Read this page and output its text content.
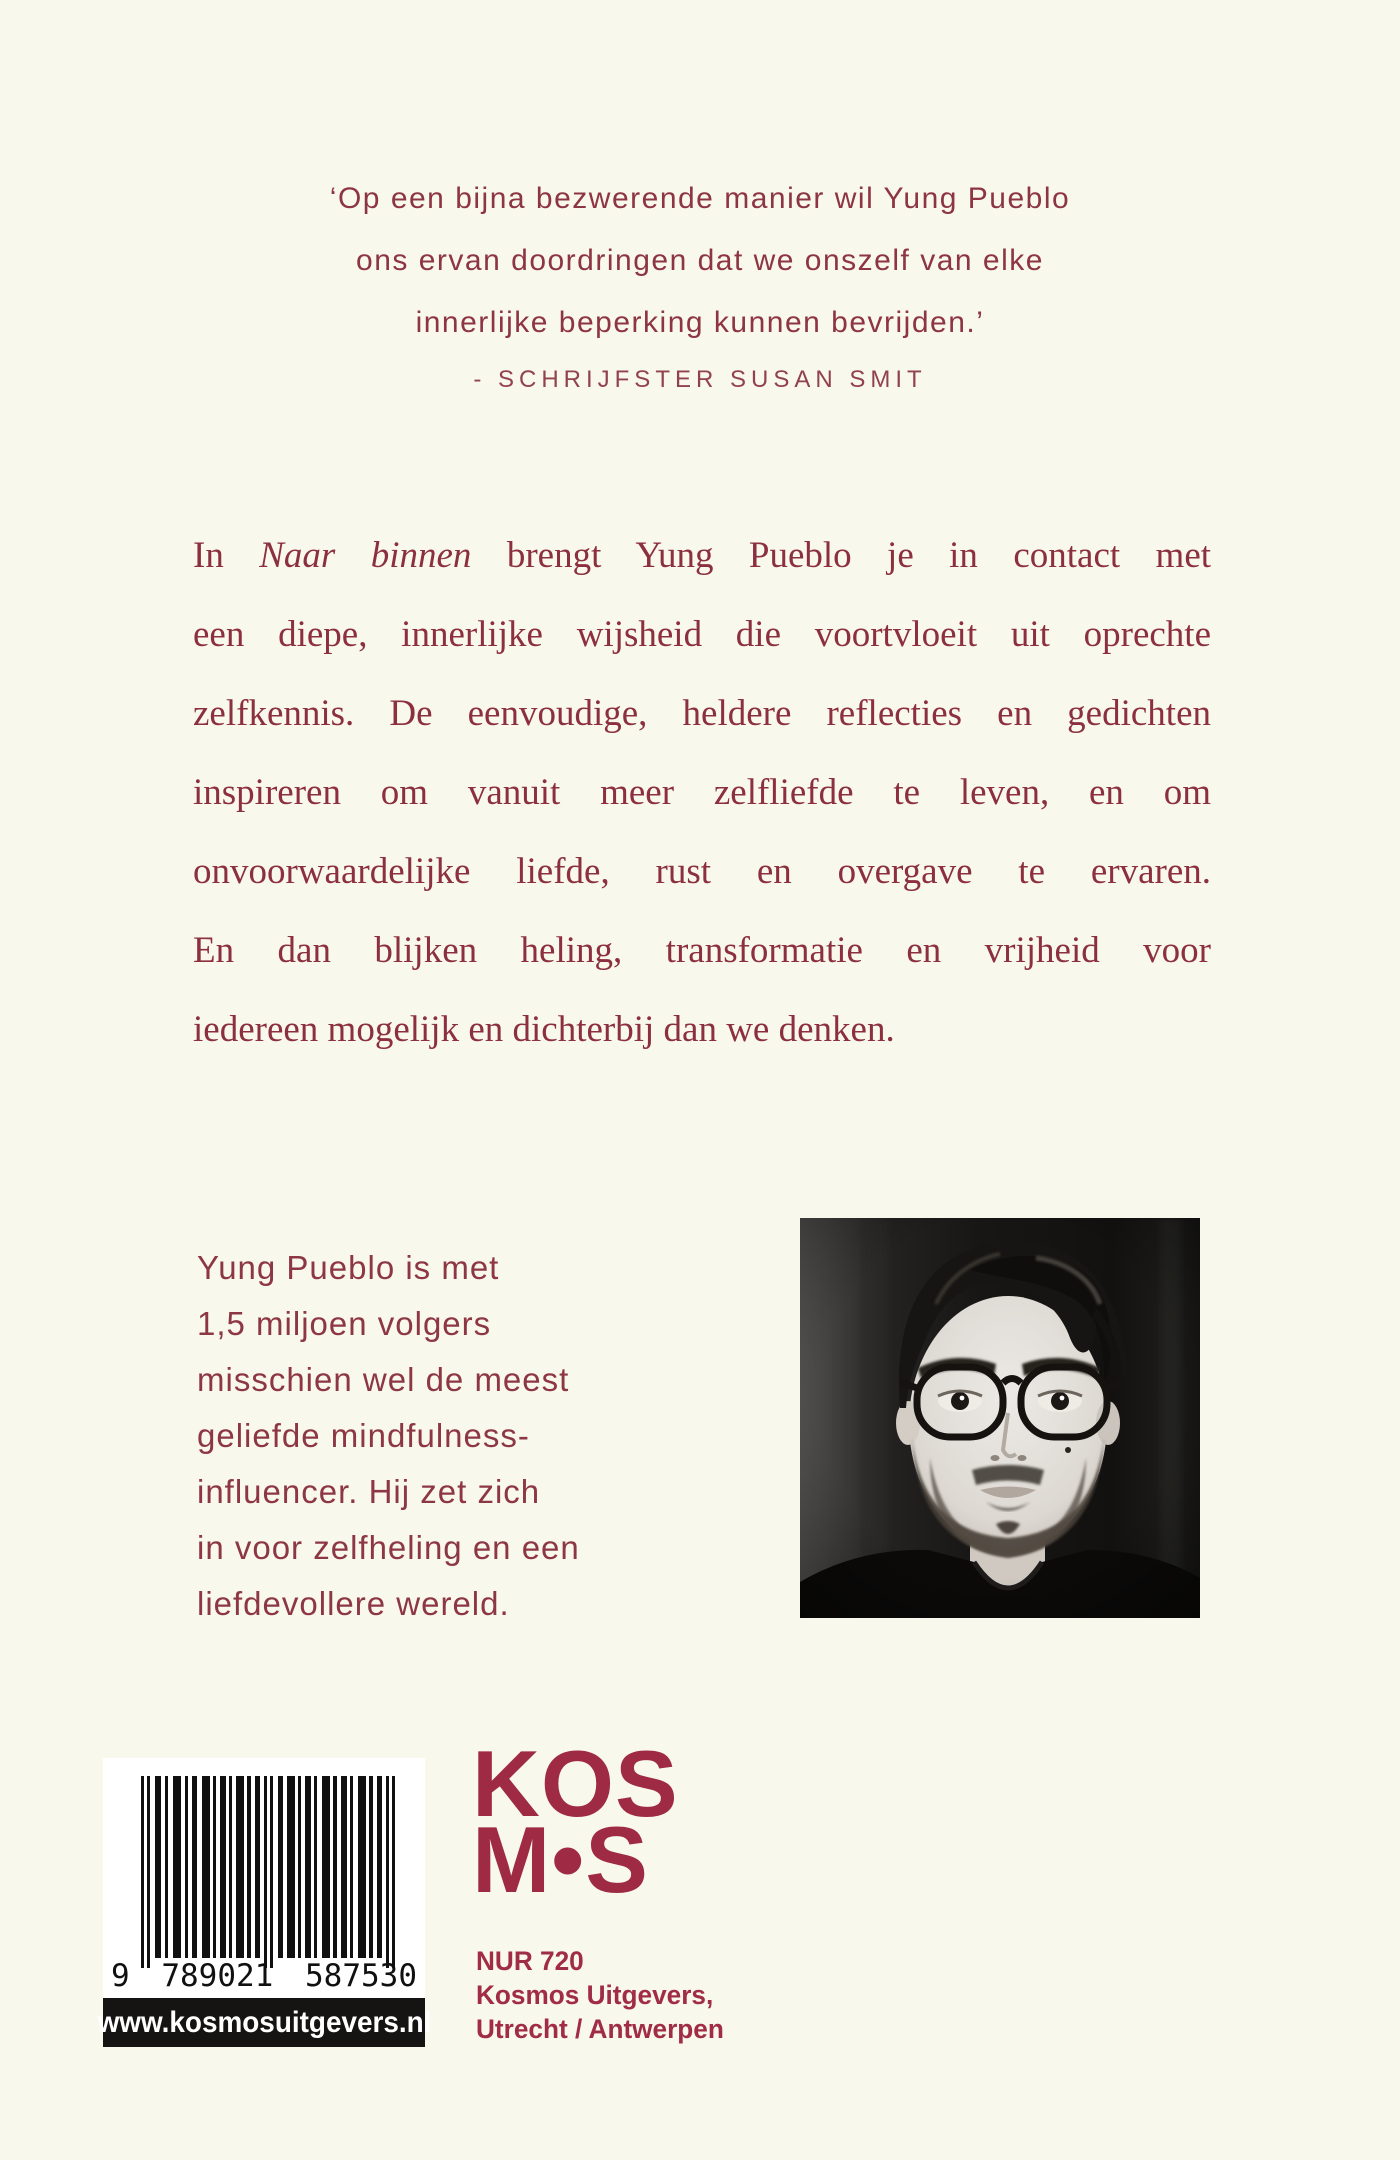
‘Op een bijna bezwerende manier wil Yung Pueblo
ons ervan doordringen dat we onszelf van elke
innerlijke beperking kunnen bevrijden.’
- SCHRIJFSTER SUSAN SMIT
In Naar binnen brengt Yung Pueblo je in contact met
een diepe, innerlijke wijsheid die voortvloeit uit oprechte
zelfkennis. De eenvoudige, heldere reflecties en gedichten
inspireren om vanuit meer zelfliefde te leven, en om
onvoorwaardelijke liefde, rust en overgave te ervaren.
En dan blijken heling, transformatie en vrijheid voor
iedereen mogelijk en dichterbij dan we denken.
Yung Pueblo is met
1,5 miljoen volgers
misschien wel de meest
geliefde mindfulness-
influencer. Hij zet zich
in voor zelfheling en een
liefdevollere wereld.
9 789021 587530
www.kosmosuitgevers.nl
KOS
M•S
NUR 720
Kosmos Uitgevers,
Utrecht / Antwerpen
